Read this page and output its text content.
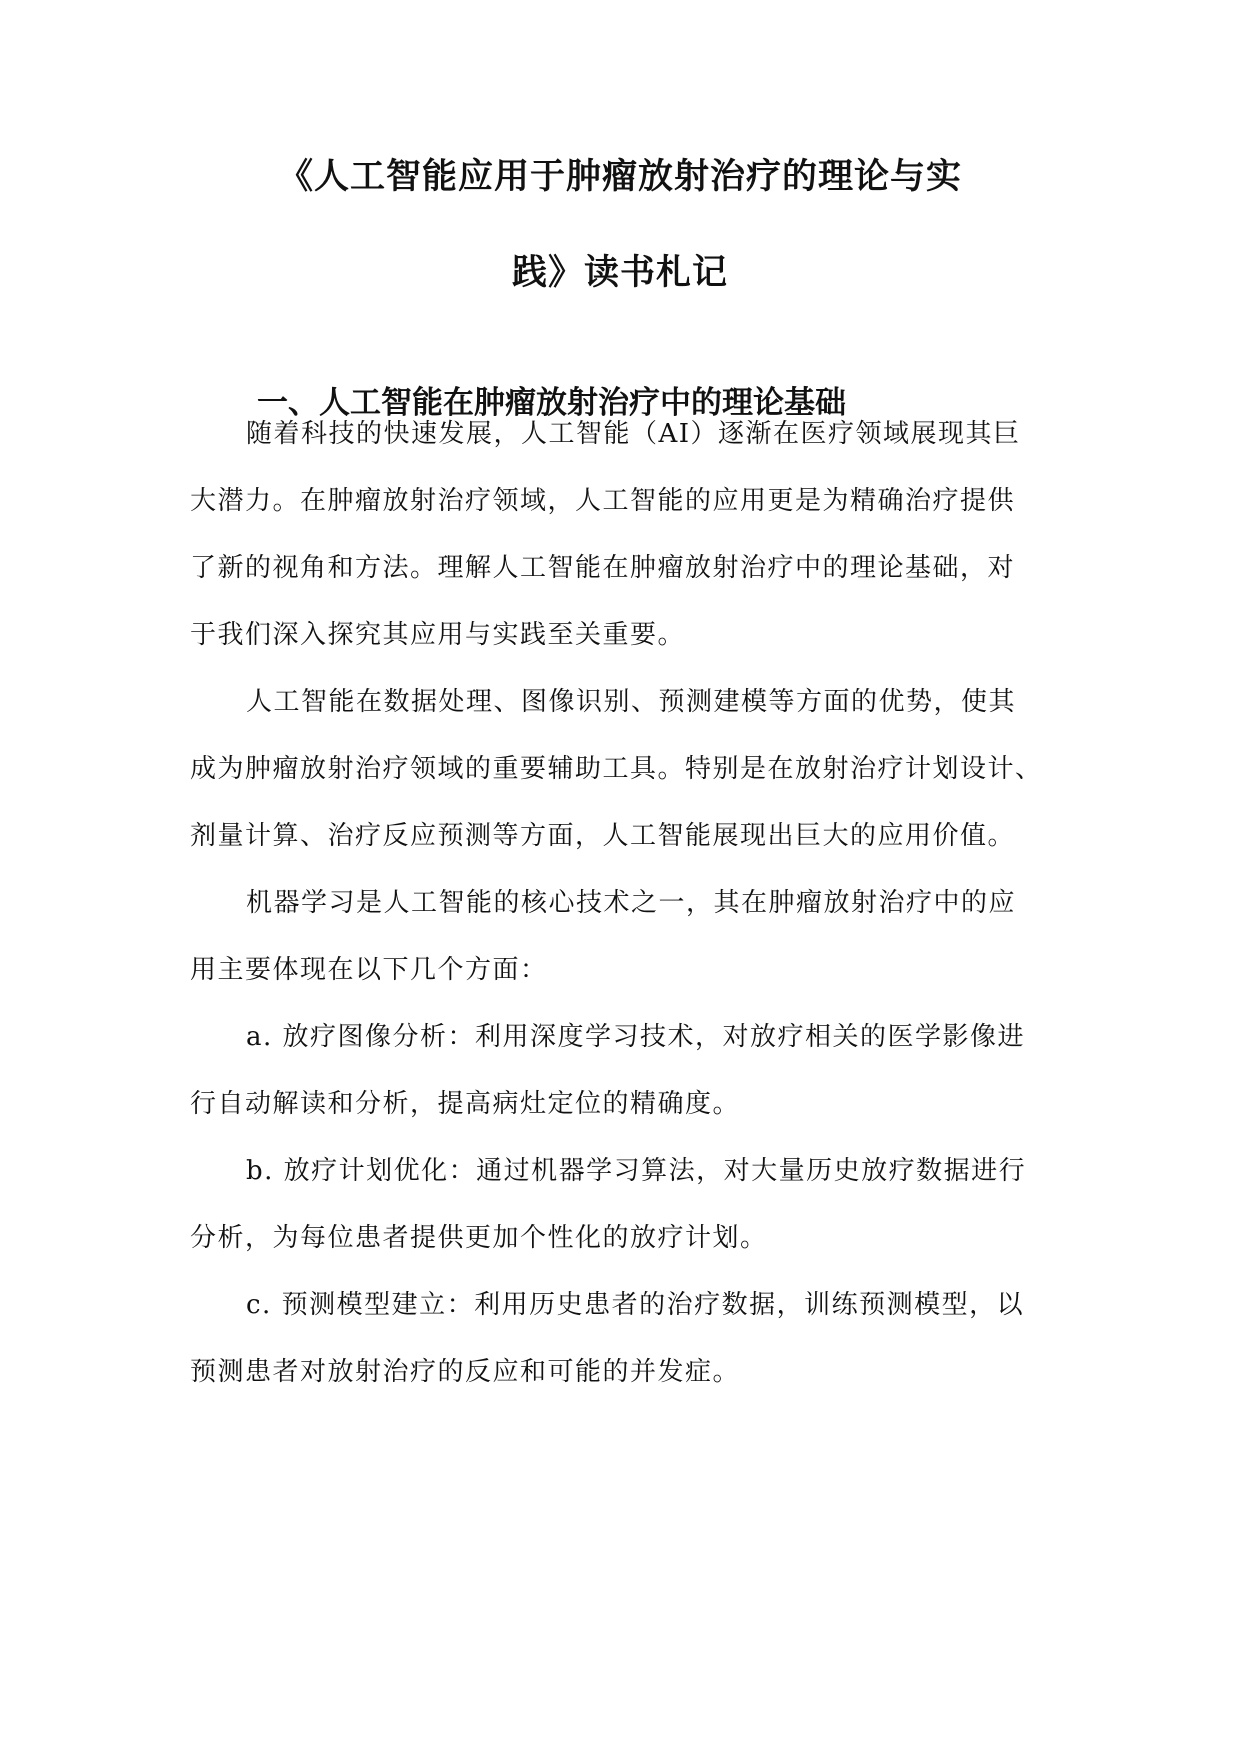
《人工智能应用于肿瘤放射治疗的理论与实
践》读书札记
一、人工智能在肿瘤放射治疗中的理论基础
随着科技的快速发展，人工智能（AI）逐渐在医疗领域展现其巨
大潜力。在肿瘤放射治疗领域，人工智能的应用更是为精确治疗提供
了新的视角和方法。理解人工智能在肿瘤放射治疗中的理论基础，对
于我们深入探究其应用与实践至关重要。
人工智能在数据处理、图像识别、预测建模等方面的优势，使其
成为肿瘤放射治疗领域的重要辅助工具。特别是在放射治疗计划设计、
剂量计算、治疗反应预测等方面，人工智能展现出巨大的应用价值。
机器学习是人工智能的核心技术之一，其在肿瘤放射治疗中的应
用主要体现在以下几个方面：
a. 放疗图像分析：利用深度学习技术，对放疗相关的医学影像进
行自动解读和分析，提高病灶定位的精确度。
b. 放疗计划优化：通过机器学习算法，对大量历史放疗数据进行
分析，为每位患者提供更加个性化的放疗计划。
c. 预测模型建立：利用历史患者的治疗数据，训练预测模型，以
预测患者对放射治疗的反应和可能的并发症。
